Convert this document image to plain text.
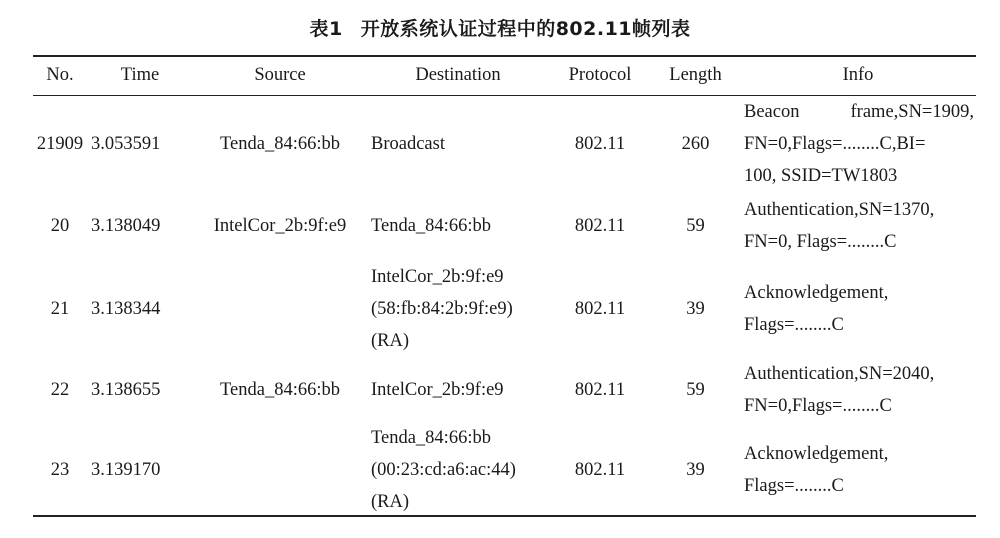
表1 开放系统认证过程中的802.11帧列表
No.	Time	Source	Destination	Protocol	Length	Info
21909	3.053591	Tenda_84:66:bb	Broadcast	802.11	260	Beacon frame,SN=1909,
FN=0,Flags=........C,BI=
100, SSID=TW1803

20	3.138049	IntelCor_2b:9f:e9	Tenda_84:66:bb	802.11	59	Authentication,SN=1370,
FN=0, Flags=........C

21	3.138344		IntelCor_2b:9f:e9
(58:fb:84:2b:9f:e9)
(RA)	802.11	39	Acknowledgement,
Flags=........C

22	3.138655	Tenda_84:66:bb	IntelCor_2b:9f:e9	802.11	59	Authentication,SN=2040,
FN=0,Flags=........C

23	3.139170		Tenda_84:66:bb
(00:23:cd:a6:ac:44)
(RA)	802.11	39	Acknowledgement,
Flags=........C
